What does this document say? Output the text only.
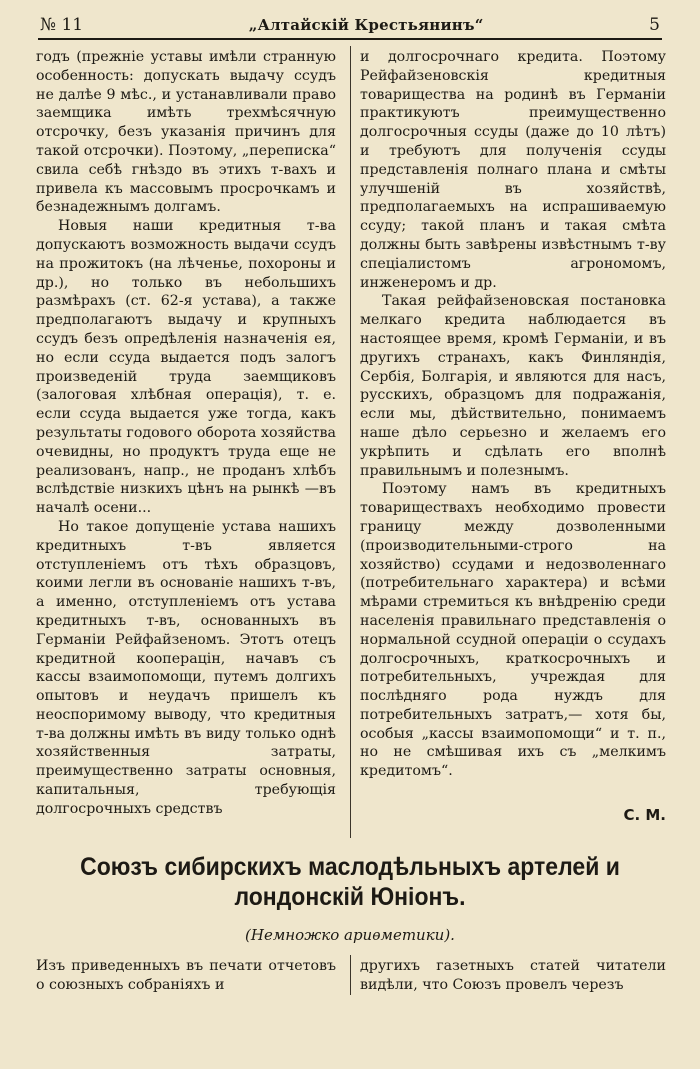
№ 11	„Алтайскій Крестьянинъ“	5

годъ (прежніе уставы имѣли странную особенность: допускать выдачу ссудъ не далѣе 9 мѣс., и устанавливали право заемщика имѣть трехмѣсячную отсрочку, безъ указанія причинъ для такой отсрочки). Поэтому, „переписка“ свила себѣ гнѣздо въ этихъ т-вахъ и привела къ массовымъ просрочкамъ и безнадежнымъ долгамъ.

Новыя наши кредитныя т-ва допускаютъ возможность выдачи ссудъ на прожитокъ (на лѣченье, похороны и др.), но только въ небольшихъ размѣрахъ (ст. 62-я устава), а также предполагаютъ выдачу и крупныхъ ссудъ безъ опредѣленія назначенія ея, но если ссуда выдается подъ залогъ произведеній труда заемщиковъ (залоговая хлѣбная операція), т. е. если ссуда выдается уже тогда, какъ результаты годового оборота хозяйства очевидны, но продуктъ труда еще не реализованъ, напр., не проданъ хлѣбъ вслѣдствіе низкихъ цѣнъ на рынкѣ —въ началѣ осени...

Но такое допущеніе устава нашихъ кредитныхъ т-въ является отступленіемъ отъ тѣхъ образцовъ, коими легли въ основаніе нашихъ т-въ, а именно, отступленіемъ отъ устава кредитныхъ т-въ, основанныхъ въ Германіи Рейфайзеномъ. Этотъ отецъ кредитной кооперацін, начавъ съ кассы взаимопомощи, путемъ долгихъ опытовъ и неудачъ пришелъ къ неоспоримому выводу, что кредитныя т-ва должны имѣть въ виду только однѣ хозяйственныя затраты, преимущественно затраты основныя, капитальныя, требующія долгосрочныхъ средствъ

и долгосрочнаго кредита. Поэтому Рейфайзеновскія кредитныя товарищества на родинѣ въ Германіи практикуютъ преимущественно долгосрочныя ссуды (даже до 10 лѣтъ) и требуютъ для полученія ссуды представленія полнаго плана и смѣты улучшеній въ хозяйствѣ, предполагаемыхъ на испрашиваемую ссуду; такой планъ и такая смѣта должны быть завѣрены извѣстнымъ т-ву спеціалистомъ агрономомъ, инженеромъ и др.

Такая рейфайзеновская постановка мелкаго кредита наблюдается въ настоящее время, кромѣ Германіи, и въ другихъ странахъ, какъ Финляндія, Сербія, Болгарія, и являются для насъ, русскихъ, образцомъ для подражанія, если мы, дѣйствительно, понимаемъ наше дѣло серьезно и желаемъ его укрѣпить и сдѣлать его вполнѣ правильнымъ и полезнымъ.

Поэтому намъ въ кредитныхъ товариществахъ необходимо провести границу между дозволенными (производительными-строго на хозяйство) ссудами и недозволеннаго (потребительнаго характера) и всѣми мѣрами стремиться къ внѣдренію среди населенія правильнаго представленія о нормальной ссудной операціи о ссудахъ долгосрочныхъ, краткосрочныхъ и потребительныхъ, учреждая для послѣдняго рода нуждъ для потребительныхъ затратъ,— хотя бы, особыя „кассы взаимопомощи“ и т. п., но не смѣшивая ихъ съ „мелкимъ кредитомъ“.

С. М.
Союзъ сибирскихъ маслодѣльныхъ артелей и
лондонскій Юніонъ.
(Немножко ариѳметики).
Изъ приведенныхъ въ печати отчетовъ о союзныхъ собраніяхъ и
другихъ газетныхъ статей читатели видѣли, что Союзъ провелъ черезъ
